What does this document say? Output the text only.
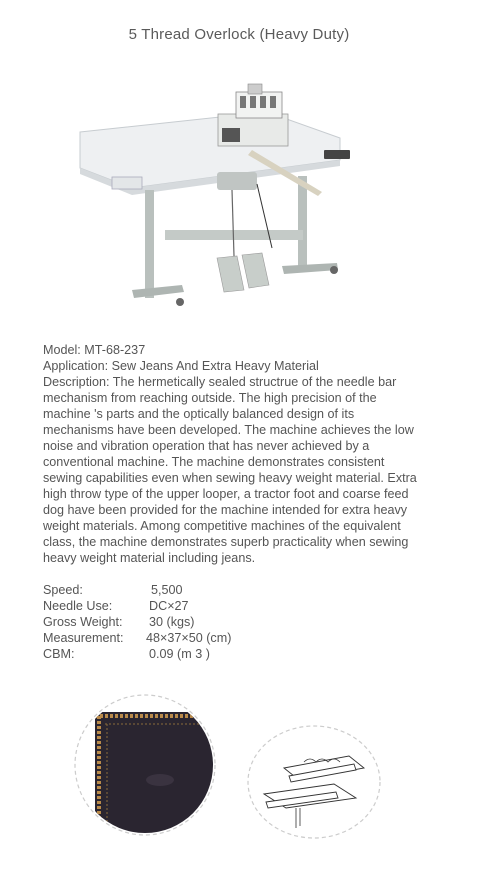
5 Thread Overlock (Heavy Duty)

Model: MT-68-237

Application: Sew Jeans And Extra Heavy Material

Description: The hermetically sealed structrue of the needle bar mechanism from reaching outside. The high precision of the machine 's parts and the optically balanced design of its mechanisms have been developed. The machine achieves the low noise and vibration operation that has never achieved by a conventional machine. The machine demonstrates consistent sewing capabilities even when sewing heavy weight material. Extra high throw type of the upper looper, a tractor foot and coarse feed dog have been provided for the machine intended for extra heavy weight materials. Among competitive machines of the equivalent class, the machine demonstrates superb practicality when sewing heavy weight material including jeans.

Speed:	5,500
Needle Use:	DC×27
Gross Weight:	30 (kgs)
Measurement:	48×37×50 (cm)
CBM:	0.09 (m 3 )
